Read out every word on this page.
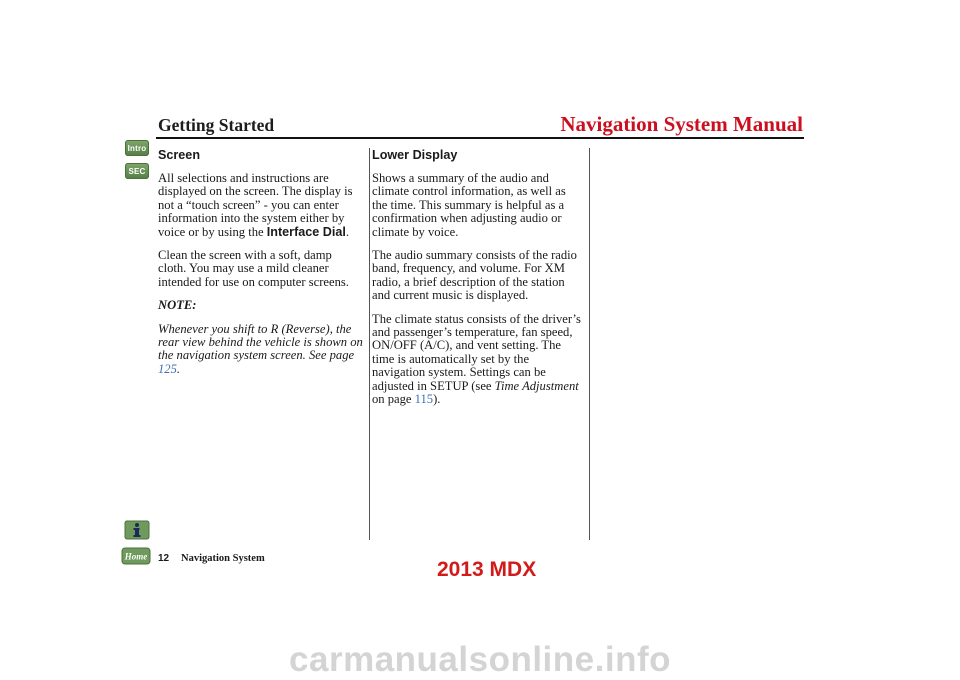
Getting Started	Navigation System Manual
Intro
SEC
Home

Screen

All selections and instructions are displayed on the screen. The display is not a “touch screen” - you can enter information into the system either by voice or by using the Interface Dial.

Clean the screen with a soft, damp cloth. You may use a mild cleaner intended for use on computer screens.

NOTE:

Whenever you shift to R (Reverse), the rear view behind the vehicle is shown on the navigation system screen. See page 125.

Lower Display

Shows a summary of the audio and climate control information, as well as the time. This summary is helpful as a confirmation when adjusting audio or climate by voice.

The audio summary consists of the radio band, frequency, and volume. For XM radio, a brief description of the station and current music is displayed.

The climate status consists of the driver’s and passenger’s temperature, fan speed, ON/OFF (A/C), and vent setting. The time is automatically set by the navigation system. Settings can be adjusted in SETUP (see Time Adjustment on page 115).

12 Navigation System	2013 MDX
carmanualsonline.info
